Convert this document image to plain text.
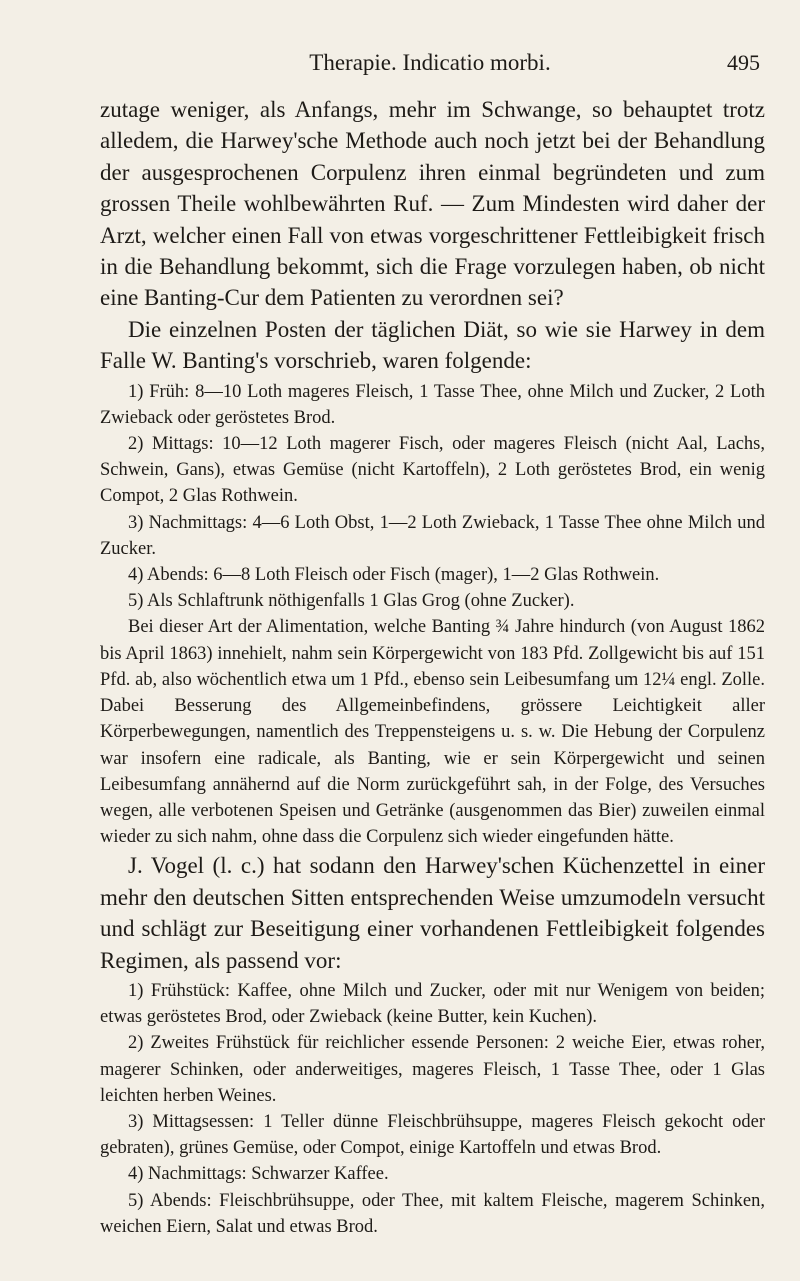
Therapie. Indicatio morbi.	495

zutage weniger, als Anfangs, mehr im Schwange, so behauptet trotz alledem, die Harwey'sche Methode auch noch jetzt bei der Behandlung der ausgesprochenen Corpulenz ihren einmal begründeten und zum grossen Theile wohlbewährten Ruf. — Zum Mindesten wird daher der Arzt, welcher einen Fall von etwas vorgeschrittener Fettleibigkeit frisch in die Behandlung bekommt, sich die Frage vorzulegen haben, ob nicht eine Banting-Cur dem Patienten zu verordnen sei?

Die einzelnen Posten der täglichen Diät, so wie sie Harwey in dem Falle W. Banting's vorschrieb, waren folgende:

1) Früh: 8—10 Loth mageres Fleisch, 1 Tasse Thee, ohne Milch und Zucker, 2 Loth Zwieback oder geröstetes Brod.

2) Mittags: 10—12 Loth magerer Fisch, oder mageres Fleisch (nicht Aal, Lachs, Schwein, Gans), etwas Gemüse (nicht Kartoffeln), 2 Loth geröstetes Brod, ein wenig Compot, 2 Glas Rothwein.

3) Nachmittags: 4—6 Loth Obst, 1—2 Loth Zwieback, 1 Tasse Thee ohne Milch und Zucker.

4) Abends: 6—8 Loth Fleisch oder Fisch (mager), 1—2 Glas Rothwein.

5) Als Schlaftrunk nöthigenfalls 1 Glas Grog (ohne Zucker).

Bei dieser Art der Alimentation, welche Banting ¾ Jahre hindurch (von August 1862 bis April 1863) innehielt, nahm sein Körpergewicht von 183 Pfd. Zollgewicht bis auf 151 Pfd. ab, also wöchentlich etwa um 1 Pfd., ebenso sein Leibesumfang um 12¼ engl. Zolle. Dabei Besserung des Allgemeinbefindens, grössere Leichtigkeit aller Körperbewegungen, namentlich des Treppensteigens u. s. w. Die Hebung der Corpulenz war insofern eine radicale, als Banting, wie er sein Körpergewicht und seinen Leibesumfang annähernd auf die Norm zurückgeführt sah, in der Folge, des Versuches wegen, alle verbotenen Speisen und Getränke (ausgenommen das Bier) zuweilen einmal wieder zu sich nahm, ohne dass die Corpulenz sich wieder eingefunden hätte.

J. Vogel (l. c.) hat sodann den Harwey'schen Küchenzettel in einer mehr den deutschen Sitten entsprechenden Weise umzumodeln versucht und schlägt zur Beseitigung einer vorhandenen Fettleibigkeit folgendes Regimen, als passend vor:

1) Frühstück: Kaffee, ohne Milch und Zucker, oder mit nur Wenigem von beiden; etwas geröstetes Brod, oder Zwieback (keine Butter, kein Kuchen).

2) Zweites Frühstück für reichlicher essende Personen: 2 weiche Eier, etwas roher, magerer Schinken, oder anderweitiges, mageres Fleisch, 1 Tasse Thee, oder 1 Glas leichten herben Weines.

3) Mittagsessen: 1 Teller dünne Fleischbrühsuppe, mageres Fleisch gekocht oder gebraten), grünes Gemüse, oder Compot, einige Kartoffeln und etwas Brod.

4) Nachmittags: Schwarzer Kaffee.

5) Abends: Fleischbrühsuppe, oder Thee, mit kaltem Fleische, magerem Schinken, weichen Eiern, Salat und etwas Brod.
